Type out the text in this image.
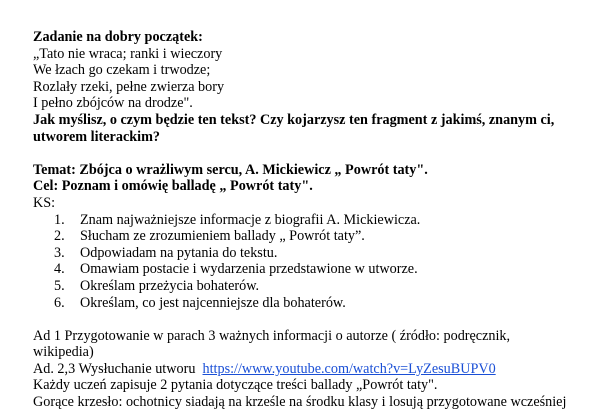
Zadanie na dobry początek:
„Tato nie wraca; ranki i wieczory
We łzach go czekam i trwodze;
Rozlały rzeki, pełne zwierza bory
I pełno zbójców na drodze".
Jak myślisz, o czym będzie ten tekst? Czy kojarzysz ten fragment z jakimś, znanym ci,
utworem literackim?
Temat: Zbójca o wrażliwym sercu, A. Mickiewicz „ Powrót taty".
Cel: Poznam i omówię balladę „ Powrót taty".
KS:
1. Znam najważniejsze informacje z biografii A. Mickiewicza.
2. Słucham ze zrozumieniem ballady „ Powrót taty”.
3. Odpowiadam na pytania do tekstu.
4. Omawiam postacie i wydarzenia przedstawione w utworze.
5. Określam przeżycia bohaterów.
6. Określam, co jest najcenniejsze dla bohaterów.
Ad 1 Przygotowanie w parach 3 ważnych informacji o autorze ( źródło: podręcznik,
wikipedia)
Ad. 2,3 Wysłuchanie utworu https://www.youtube.com/watch?v=LyZesuBUPV0
Każdy uczeń zapisuje 2 pytania dotyczące treści ballady „Powrót taty".
Gorące krzesło: ochotnicy siadają na krześle na środku klasy i losują przygotowane wcześniej
